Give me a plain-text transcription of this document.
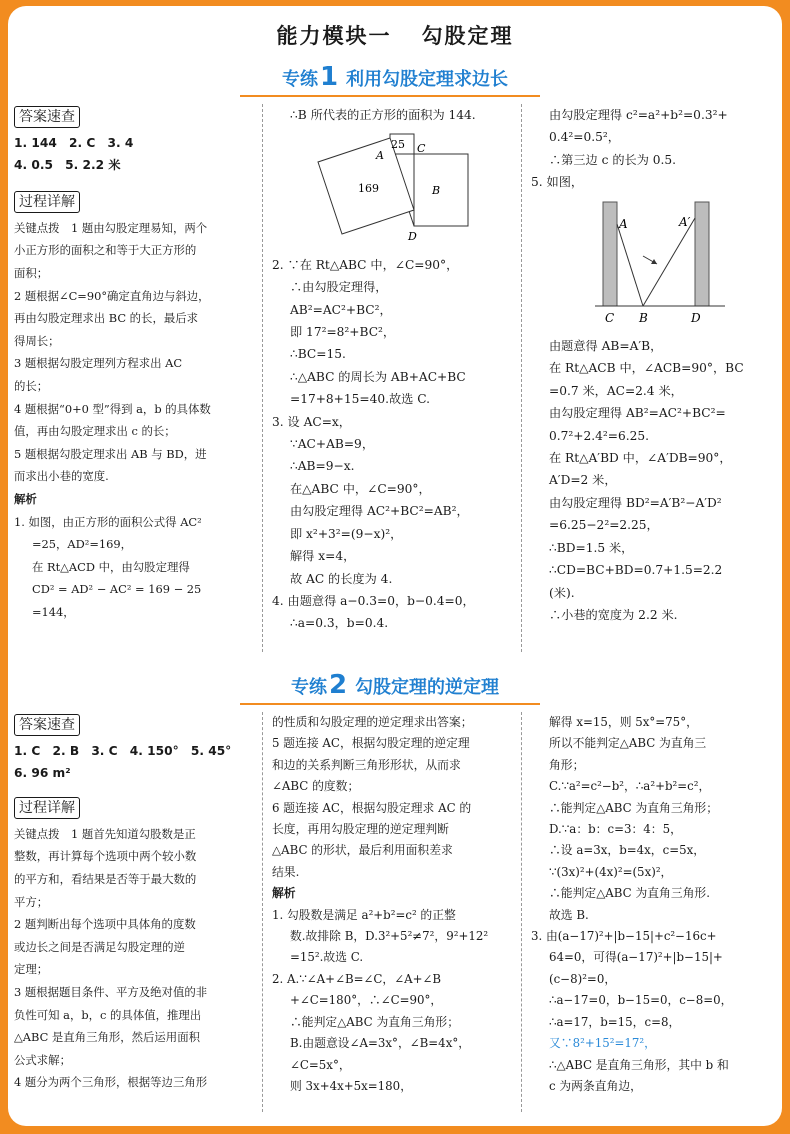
能力模块一 勾股定理
专练1 利用勾股定理求边长
答案速查

1. 144　2. C　3. 4

4. 0.5　5. 2.2 米

过程详解

关键点拨　1 题由勾股定理易知，两个

小正方形的面积之和等于大正方形的

面积；

2 题根据∠C=90°确定直角边与斜边，

再由勾股定理求出 BC 的长，最后求

得周长；

3 题根据勾股定理列方程求出 AC

的长；

4 题根据“0+0 型”得到 a，b 的具体数

值，再由勾股定理求出 c 的长；

5 题根据勾股定理求出 AB 与 BD，进

而求出小巷的宽度.

解析

1. 如图，由正方形的面积公式得 AC²

=25，AD²=169，

在 Rt△ACD 中，由勾股定理得

CD² = AD² − AC² = 169 − 25

=144，

∴B 所代表的正方形的面积为 144.

25
169	B
A
C
D

2. ∵在 Rt△ABC 中，∠C=90°，

∴由勾股定理得，

AB²=AC²+BC²，

即 17²=8²+BC²，

∴BC=15.

∴△ABC 的周长为 AB+AC+BC

=17+8+15=40.故选 C.

3. 设 AC=x，

∵AC+AB=9，

∴AB=9−x.

在△ABC 中，∠C=90°，

由勾股定理得 AC²+BC²=AB²，

即 x²+3²=(9−x)²，

解得 x=4，

故 AC 的长度为 4.

4. 由题意得 a−0.3=0，b−0.4=0，

∴a=0.3，b=0.4.

由勾股定理得 c²=a²+b²=0.3²+

0.4²=0.5²，

∴第三边 c 的长为 0.5.

5. 如图，

A	A′
C B	D

由题意得 AB=A′B，

在 Rt△ACB 中，∠ACB=90°，BC

=0.7 米，AC=2.4 米，

由勾股定理得 AB²=AC²+BC²=

0.7²+2.4²=6.25.

在 Rt△A′BD 中，∠A′DB=90°，

A′D=2 米，

由勾股定理得 BD²=A′B²−A′D²

=6.25−2²=2.25，

∴BD=1.5 米，

∴CD=BC+BD=0.7+1.5=2.2

(米).

∴小巷的宽度为 2.2 米.

专练2 勾股定理的逆定理
答案速查

1. C　2. B　3. C　4. 150°　5. 45°

6. 96 m²

过程详解

关键点拨　1 题首先知道勾股数是正

整数，再计算每个选项中两个较小数

的平方和，看结果是否等于最大数的

平方；

2 题判断出每个选项中具体角的度数

或边长之间是否满足勾股定理的逆

定理；

3 题根据题目条件、平方及绝对值的非

负性可知 a，b，c 的具体值，推理出

△ABC 是直角三角形，然后运用面积

公式求解；

4 题分为两个三角形，根据等边三角形

的性质和勾股定理的逆定理求出答案；

5 题连接 AC，根据勾股定理的逆定理

和边的关系判断三角形形状，从而求

∠ABC 的度数；

6 题连接 AC，根据勾股定理求 AC 的

长度，再用勾股定理的逆定理判断

△ABC 的形状，最后利用面积差求

结果.

解析

1. 勾股数是满足 a²+b²=c² 的正整

数.故排除 B，D.3²+5²≠7²，9²+12²

=15².故选 C.

2. A.∵∠A+∠B=∠C，∠A+∠B

+∠C=180°，∴∠C=90°，

∴能判定△ABC 为直角三角形；

B.由题意设∠A=3x°，∠B=4x°，

∠C=5x°，

则 3x+4x+5x=180，

解得 x=15，则 5x°=75°，

所以不能判定△ABC 为直角三

角形；

C.∵a²=c²−b²，∴a²+b²=c²，

∴能判定△ABC 为直角三角形；

D.∵a：b：c=3：4：5，

∴设 a=3x，b=4x，c=5x，

∵(3x)²+(4x)²=(5x)²，

∴能判定△ABC 为直角三角形.

故选 B.

3. 由(a−17)²+|b−15|+c²−16c+

64=0，可得(a−17)²+|b−15|+

(c−8)²=0，

∴a−17=0，b−15=0，c−8=0，

∴a=17，b=15，c=8，

又∵8²+15²=17²，

∴△ABC 是直角三角形，其中 b 和

c 为两条直角边，
